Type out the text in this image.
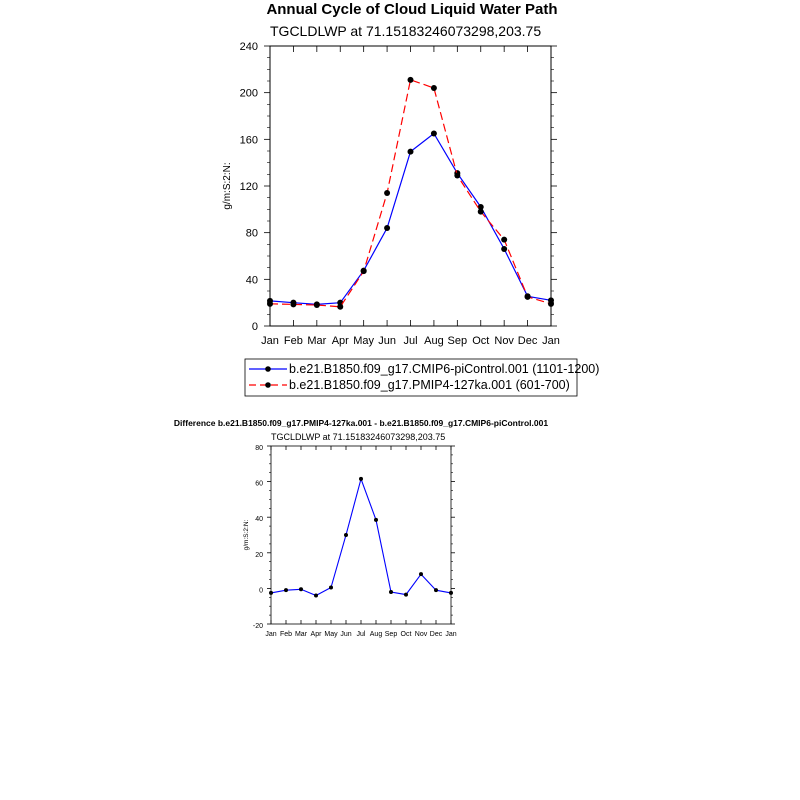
Annual Cycle of Cloud Liquid Water Path
TGCLDLWP at 71.15183246073298,203.75
g/m:S:2:N:
Jan Feb Mar Apr May Jun Jul Aug Sep Oct Nov Dec Jan
0
40
80
120
160
200
240
b.e21.B1850.f09_g17.CMIP6-piControl.001 (1101-1200)
b.e21.B1850.f09_g17.PMIP4-127ka.001 (601-700)
Difference b.e21.B1850.f09_g17.PMIP4-127ka.001 - b.e21.B1850.f09_g17.CMIP6-piControl.001
TGCLDLWP at 71.15183246073298,203.75
g/m:S:2:N:
Jan Feb Mar Apr May Jun Jul Aug Sep Oct Nov Dec Jan
-20
0
20
40
60
80
